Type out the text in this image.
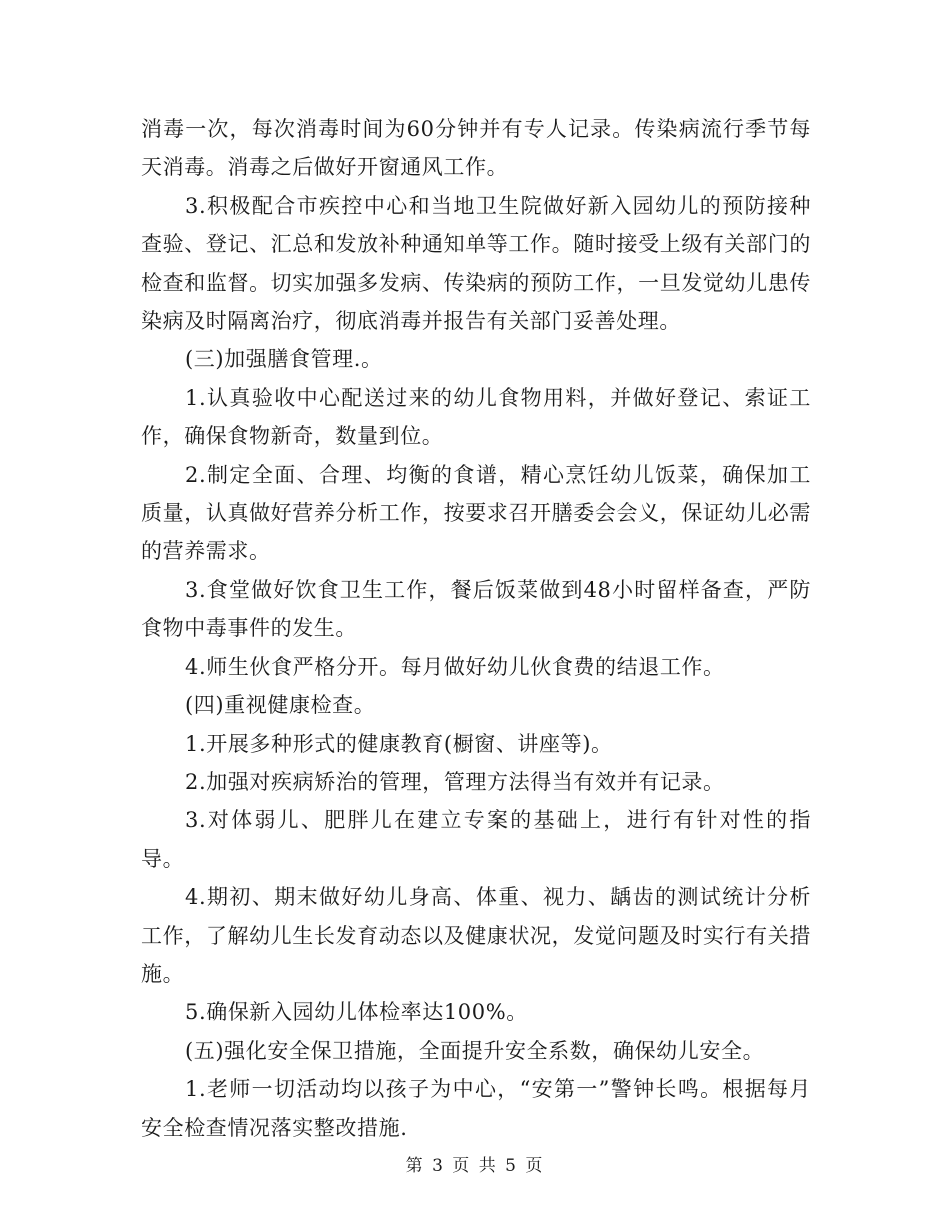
消毒一次，每次消毒时间为60分钟并有专人记录。传染病流行季节每天消毒。消毒之后做好开窗通风工作。

3.积极配合市疾控中心和当地卫生院做好新入园幼儿的预防接种查验、登记、汇总和发放补种通知单等工作。随时接受上级有关部门的检查和监督。切实加强多发病、传染病的预防工作，一旦发觉幼儿患传染病及时隔离治疗，彻底消毒并报告有关部门妥善处理。

(三)加强膳食管理.。

1.认真验收中心配送过来的幼儿食物用料，并做好登记、索证工作，确保食物新奇，数量到位。

2.制定全面、合理、均衡的食谱，精心烹饪幼儿饭菜，确保加工质量，认真做好营养分析工作，按要求召开膳委会会义，保证幼儿必需的营养需求。

3.食堂做好饮食卫生工作，餐后饭菜做到48小时留样备查，严防食物中毒事件的发生。

4.师生伙食严格分开。每月做好幼儿伙食费的结退工作。

(四)重视健康检查。

1.开展多种形式的健康教育(橱窗、讲座等)。

2.加强对疾病矫治的管理，管理方法得当有效并有记录。

3.对体弱儿、肥胖儿在建立专案的基础上，进行有针对性的指导。

4.期初、期末做好幼儿身高、体重、视力、龋齿的测试统计分析工作，了解幼儿生长发育动态以及健康状况，发觉问题及时实行有关措施。

5.确保新入园幼儿体检率达100%。

(五)强化安全保卫措施，全面提升安全系数，确保幼儿安全。

1.老师一切活动均以孩子为中心，“安第一”警钟长鸣。根据每月安全检查情况落实整改措施.

第 3 页 共 5 页
